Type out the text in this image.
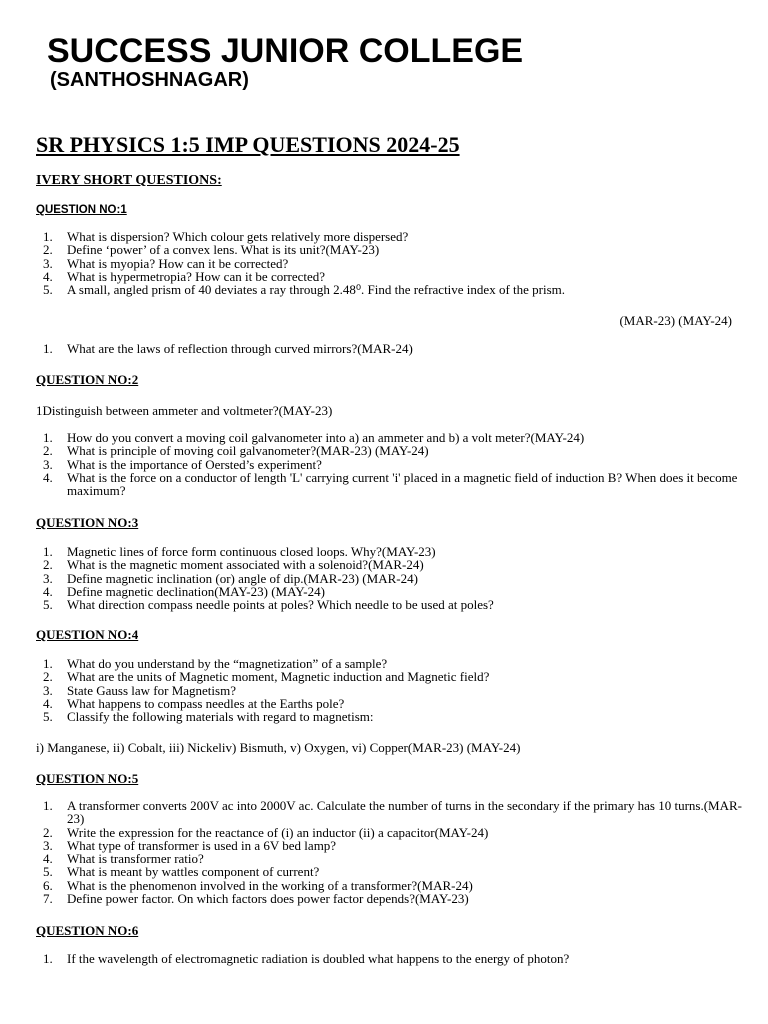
SUCCESS JUNIOR COLLEGE
(SANTHOSHNAGAR)
SR PHYSICS 1:5 IMP QUESTIONS 2024-25
IVERY SHORT QUESTIONS:
QUESTION NO:1
1. What is dispersion? Which colour gets relatively more dispersed?
2. Define ‘power’ of a convex lens. What is its unit?(MAY-23)
3. What is myopia? How can it be corrected?
4. What is hypermetropia? How can it be corrected?
5. A small, angled prism of 40 deviates a ray through 2.48⁰. Find the refractive index of the prism.
(MAR-23) (MAY-24)
1. What are the laws of reflection through curved mirrors?(MAR-24)
QUESTION NO:2
1Distinguish between ammeter and voltmeter?(MAY-23)
1. How do you convert a moving coil galvanometer into a) an ammeter and b) a volt meter?(MAY-24)
2. What is principle of moving coil galvanometer?(MAR-23) (MAY-24)
3. What is the importance of Oersted’s experiment?
4. What is the force on a conductor of length 'L' carrying current 'i' placed in a magnetic field of induction B? When does it become maximum?
QUESTION NO:3
1. Magnetic lines of force form continuous closed loops. Why?(MAY-23)
2. What is the magnetic moment associated with a solenoid?(MAR-24)
3. Define magnetic inclination (or) angle of dip.(MAR-23) (MAR-24)
4. Define magnetic declination(MAY-23) (MAY-24)
5. What direction compass needle points at poles? Which needle to be used at poles?
QUESTION NO:4
1. What do you understand by the “magnetization” of a sample?
2. What are the units of Magnetic moment, Magnetic induction and Magnetic field?
3. State Gauss law for Magnetism?
4. What happens to compass needles at the Earths pole?
5. Classify the following materials with regard to magnetism:
i) Manganese, ii) Cobalt, iii) Nickeliv) Bismuth, v) Oxygen, vi) Copper(MAR-23) (MAY-24)
QUESTION NO:5
1. A transformer converts 200V ac into 2000V ac. Calculate the number of turns in the secondary if the primary has 10 turns.(MAR-23)
2. Write the expression for the reactance of (i) an inductor (ii) a capacitor(MAY-24)
3. What type of transformer is used in a 6V bed lamp?
4. What is transformer ratio?
5. What is meant by wattles component of current?
6. What is the phenomenon involved in the working of a transformer?(MAR-24)
7. Define power factor. On which factors does power factor depends?(MAY-23)
QUESTION NO:6
1. If the wavelength of electromagnetic radiation is doubled what happens to the energy of photon?
